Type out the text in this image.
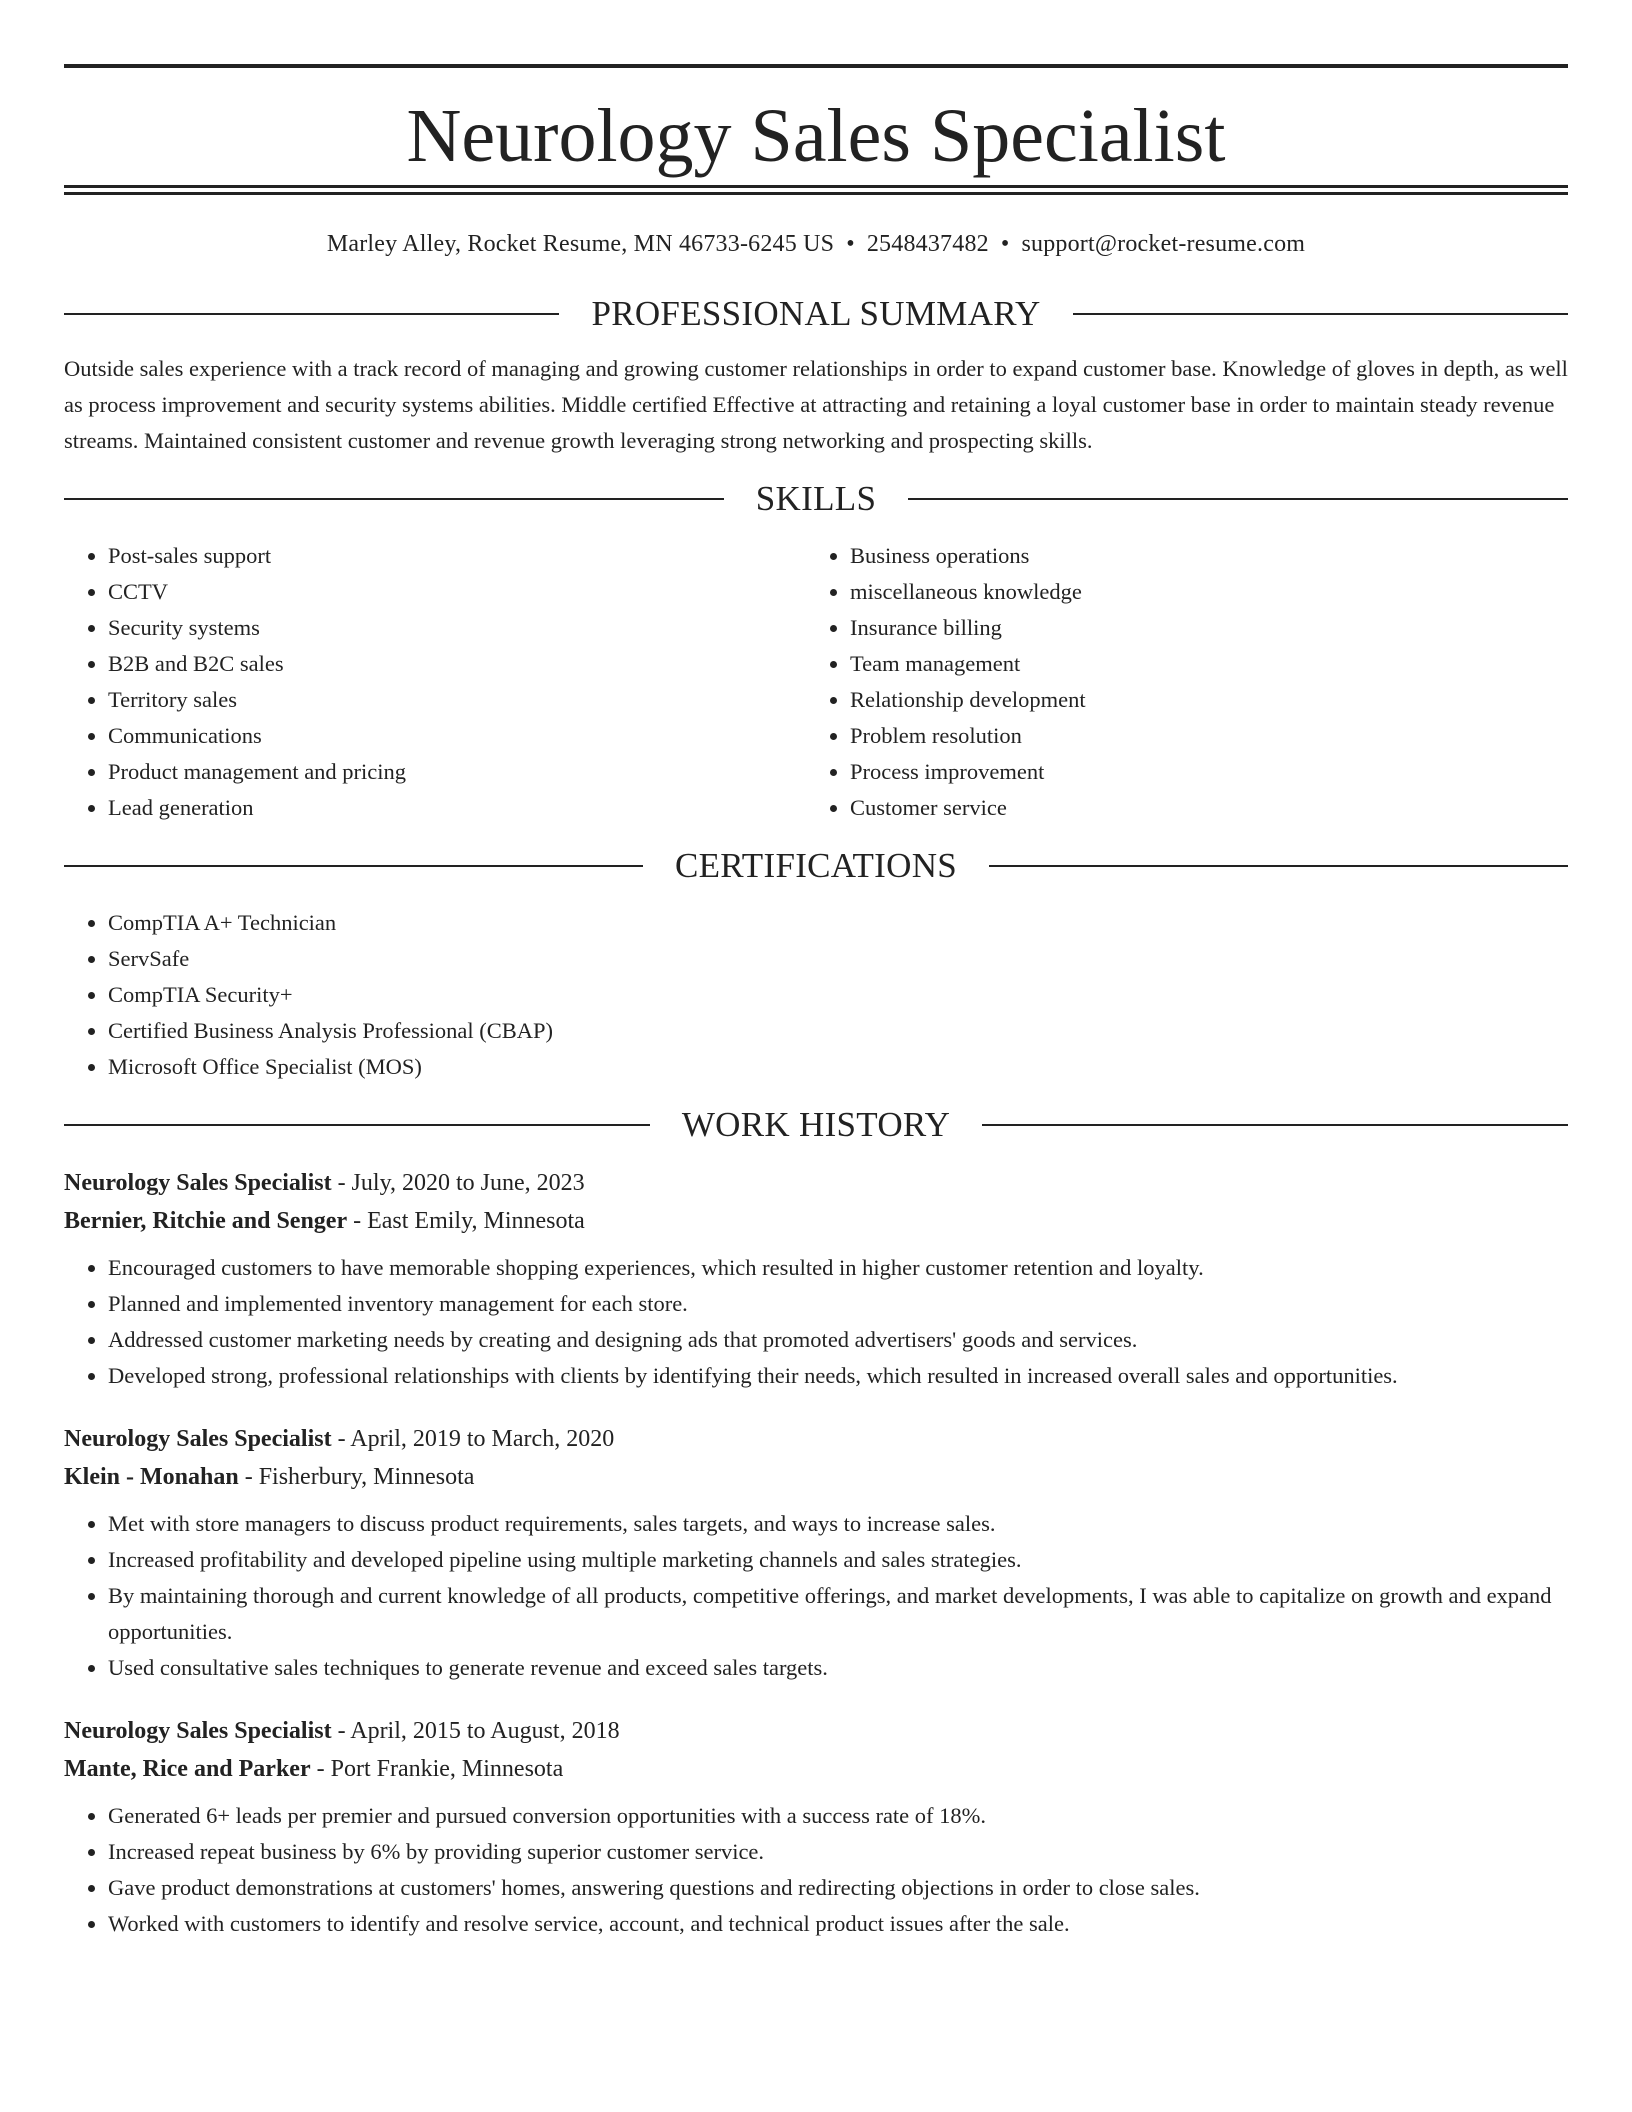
Neurology Sales Specialist
Marley Alley, Rocket Resume, MN 46733-6245 US • 2548437482 • support@rocket-resume.com
PROFESSIONAL SUMMARY
Outside sales experience with a track record of managing and growing customer relationships in order to expand customer base. Knowledge of gloves in depth, as well as process improvement and security systems abilities. Middle certified Effective at attracting and retaining a loyal customer base in order to maintain steady revenue streams. Maintained consistent customer and revenue growth leveraging strong networking and prospecting skills.
SKILLS
• Post-sales support
• CCTV
• Security systems
• B2B and B2C sales
• Territory sales
• Communications
• Product management and pricing
• Lead generation
• Business operations
• miscellaneous knowledge
• Insurance billing
• Team management
• Relationship development
• Problem resolution
• Process improvement
• Customer service
CERTIFICATIONS
• CompTIA A+ Technician
• ServSafe
• CompTIA Security+
• Certified Business Analysis Professional (CBAP)
• Microsoft Office Specialist (MOS)
WORK HISTORY
Neurology Sales Specialist - July, 2020 to June, 2023
Bernier, Ritchie and Senger - East Emily, Minnesota
• Encouraged customers to have memorable shopping experiences, which resulted in higher customer retention and loyalty.
• Planned and implemented inventory management for each store.
• Addressed customer marketing needs by creating and designing ads that promoted advertisers' goods and services.
• Developed strong, professional relationships with clients by identifying their needs, which resulted in increased overall sales and opportunities.
Neurology Sales Specialist - April, 2019 to March, 2020
Klein - Monahan - Fisherbury, Minnesota
• Met with store managers to discuss product requirements, sales targets, and ways to increase sales.
• Increased profitability and developed pipeline using multiple marketing channels and sales strategies.
• By maintaining thorough and current knowledge of all products, competitive offerings, and market developments, I was able to capitalize on growth and expand opportunities.
• Used consultative sales techniques to generate revenue and exceed sales targets.
Neurology Sales Specialist - April, 2015 to August, 2018
Mante, Rice and Parker - Port Frankie, Minnesota
• Generated 6+ leads per premier and pursued conversion opportunities with a success rate of 18%.
• Increased repeat business by 6% by providing superior customer service.
• Gave product demonstrations at customers' homes, answering questions and redirecting objections in order to close sales.
• Worked with customers to identify and resolve service, account, and technical product issues after the sale.
